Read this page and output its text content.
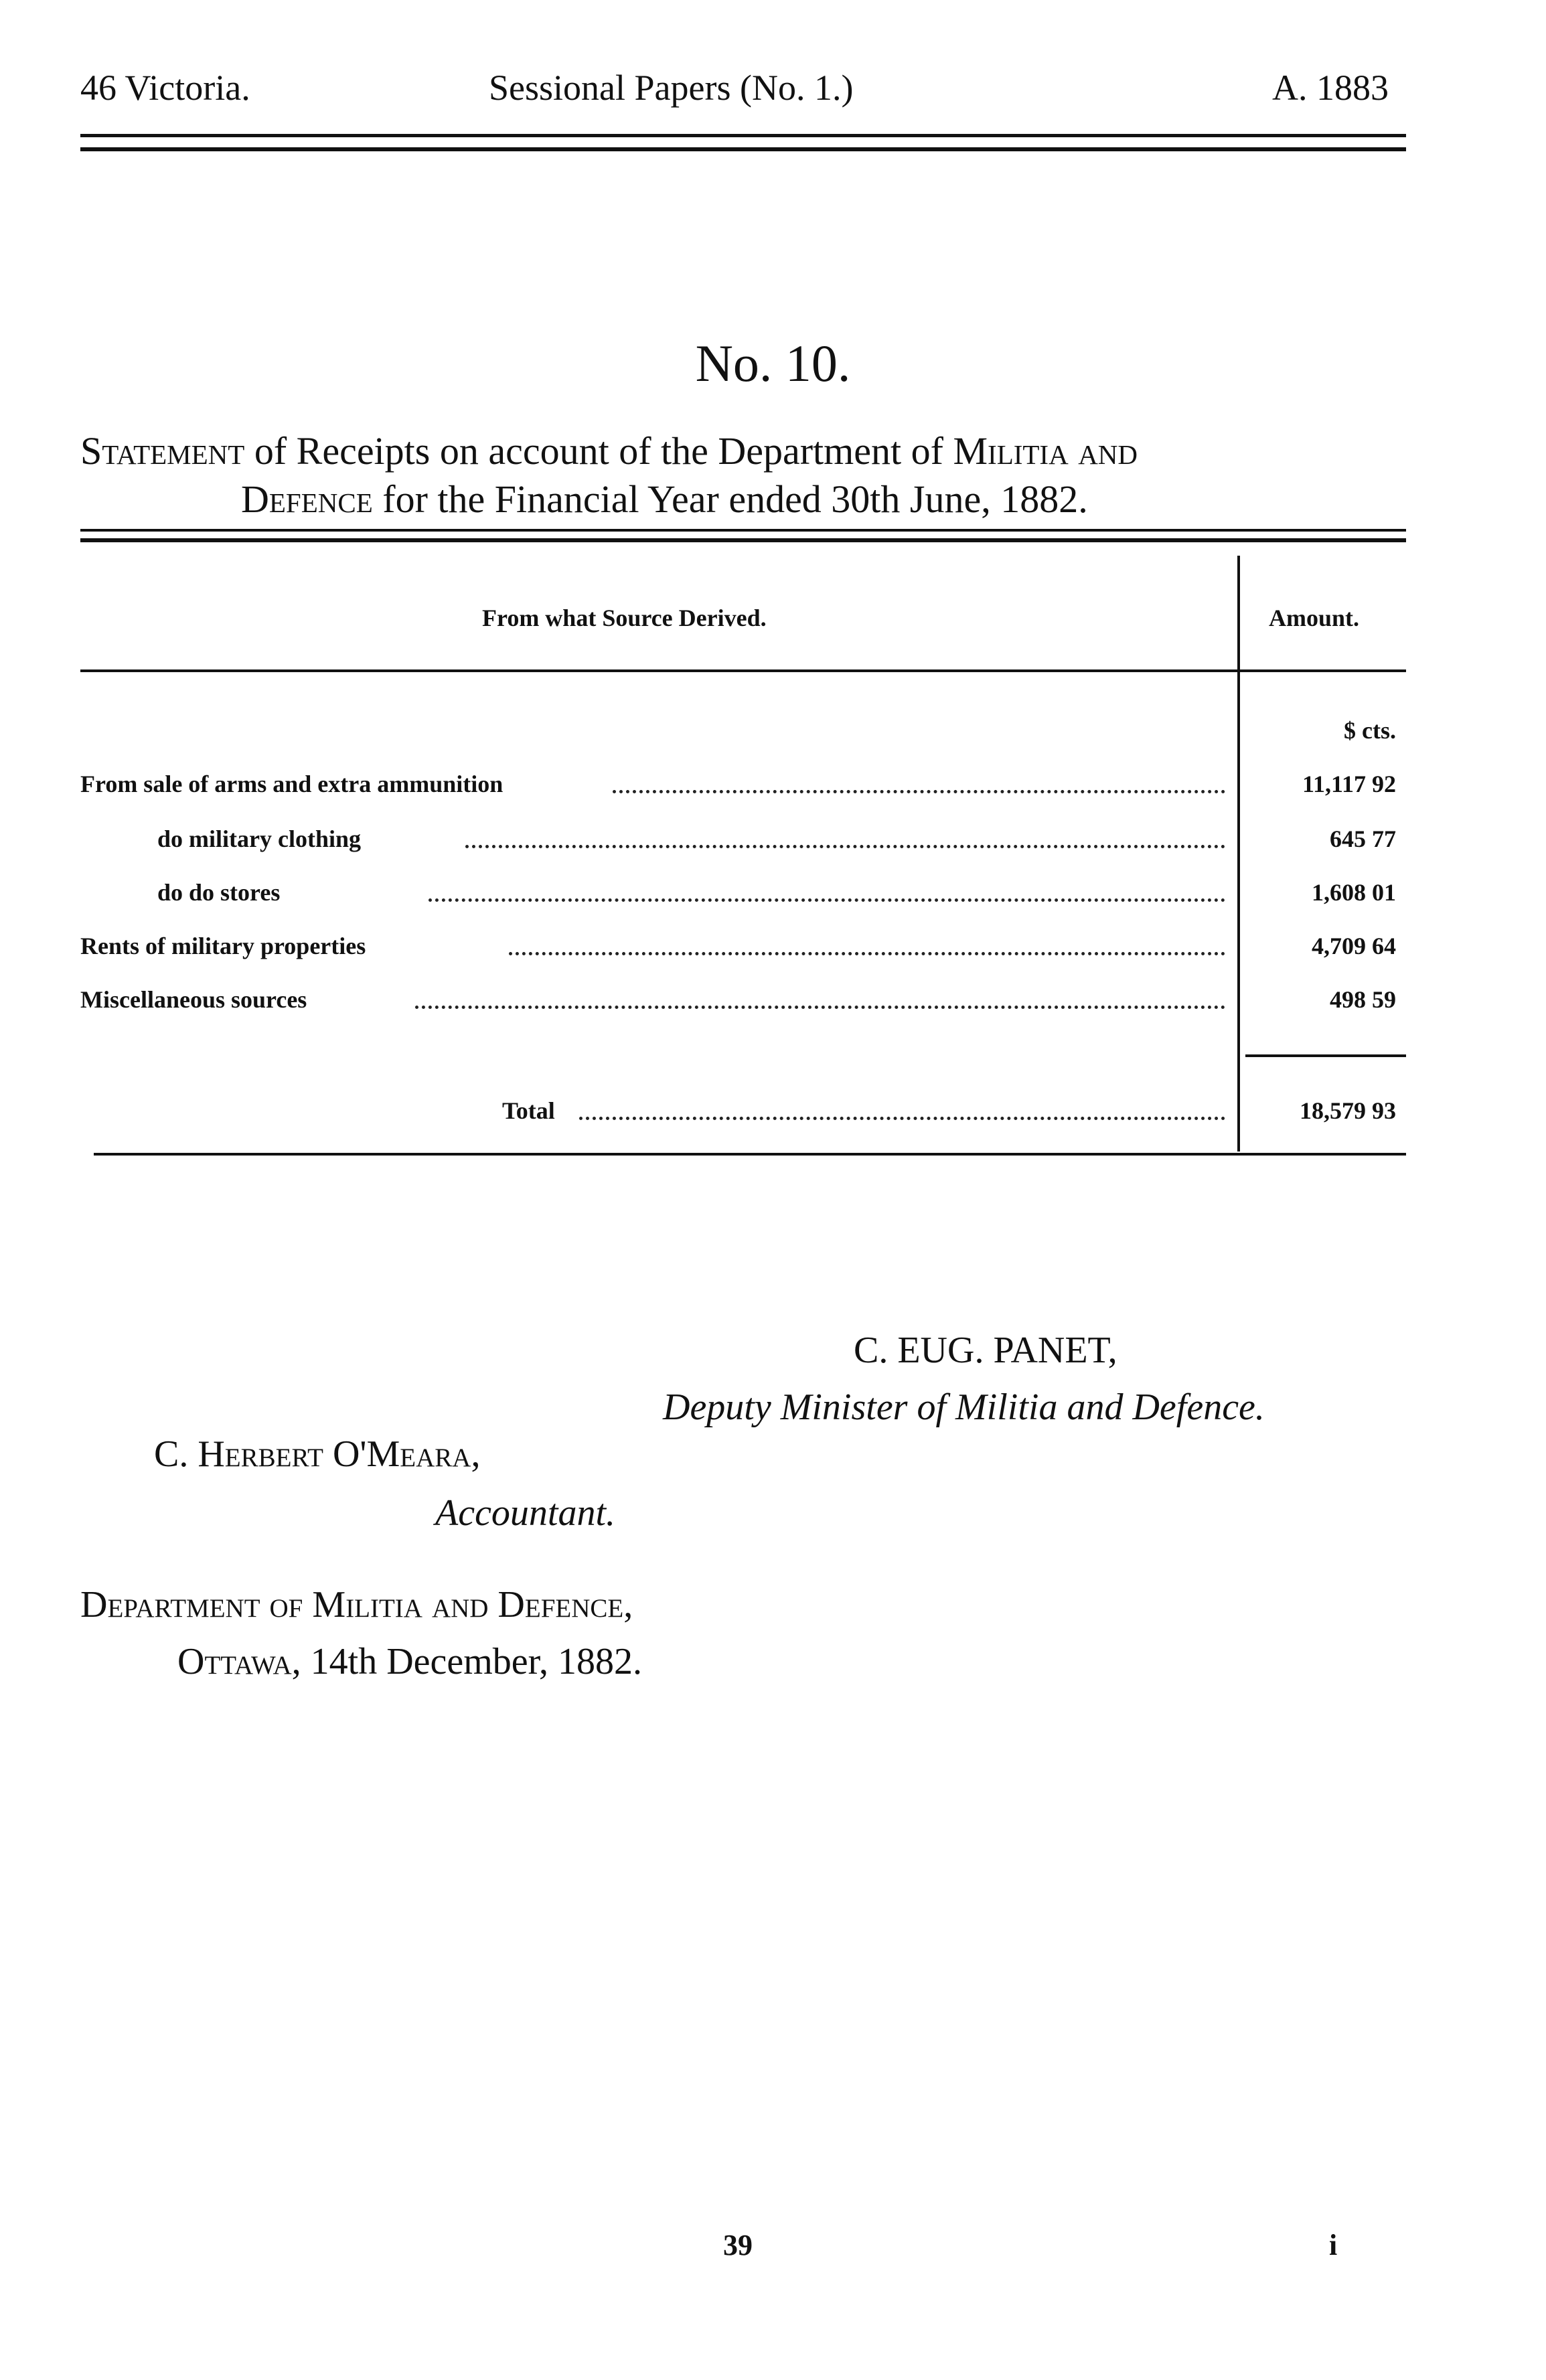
46 Victoria.	Sessional Papers (No. 1.)	A. 1883
No. 10.
Statement of Receipts on account of the Department of Militia and
Defence for the Financial Year ended 30th June, 1882.
From what Source Derived.	Amount.
$ cts.
From sale of arms and extra ammunition	11,117 92
do military clothing	645 77
do do stores	1,608 01
Rents of military properties	4,709 64
Miscellaneous sources	498 59
Total	18,579 93
C. EUG. PANET,
Deputy Minister of Militia and Defence.
C. Herbert O'Meara,
Accountant.
Department of Militia and Defence,
Ottawa, 14th December, 1882.
39	i
